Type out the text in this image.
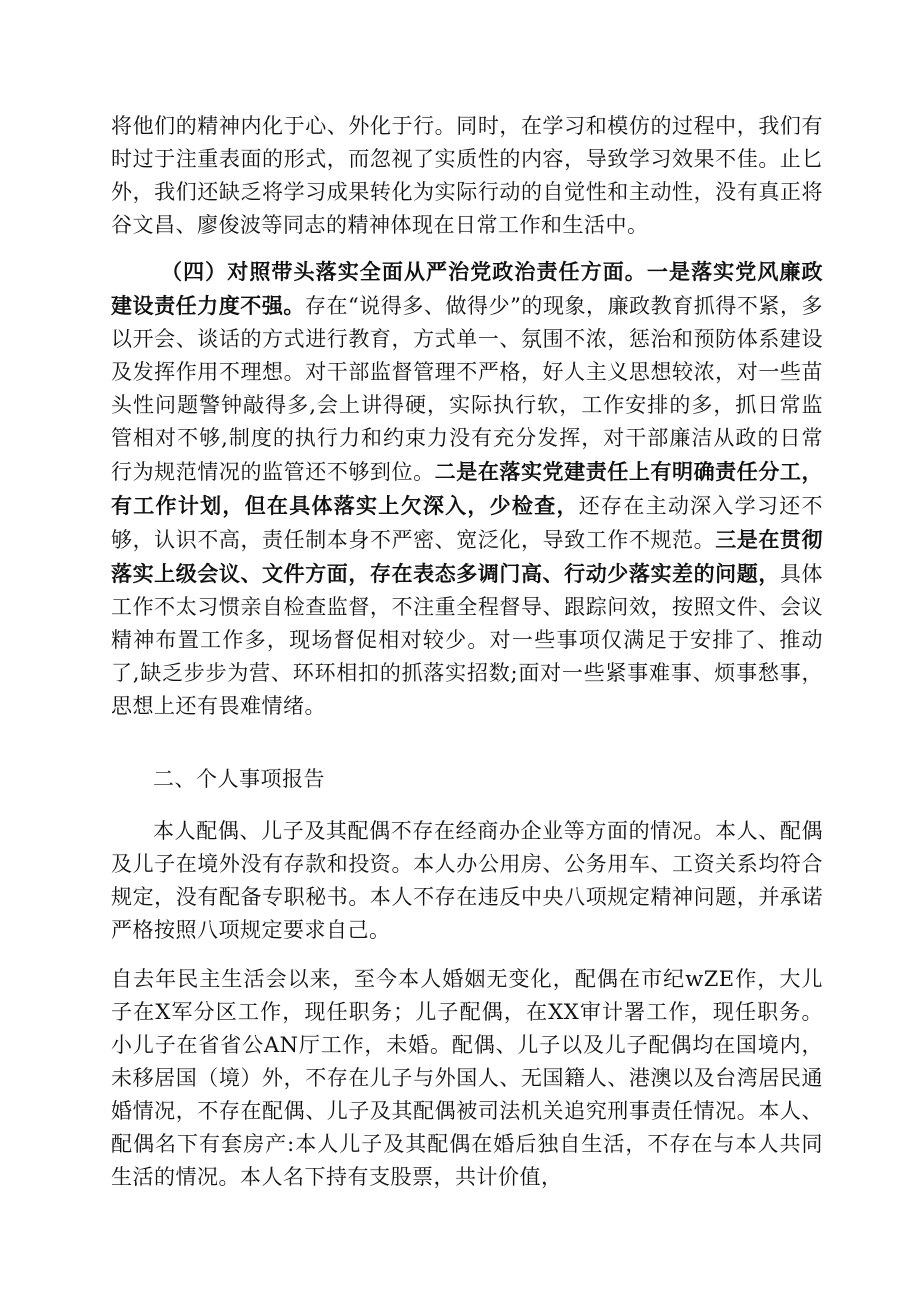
将他们的精神内化于心、外化于行。同时，在学习和模仿的过程中，我们有时过于注重表面的形式，而忽视了实质性的内容，导致学习效果不佳。止匕外，我们还缺乏将学习成果转化为实际行动的自觉性和主动性，没有真正将谷文昌、廖俊波等同志的精神体现在日常工作和生活中。

（四）对照带头落实全面从严治党政治责任方面。一是落实党风廉政建设责任力度不强。存在“说得多、做得少”的现象，廉政教育抓得不紧，多以开会、谈话的方式进行教育，方式单一、氛围不浓，惩治和预防体系建设及发挥作用不理想。对干部监督管理不严格，好人主义思想较浓，对一些苗头性问题警钟敲得多,会上讲得硬，实际执行软，工作安排的多，抓日常监管相对不够,制度的执行力和约束力没有充分发挥，对干部廉洁从政的日常行为规范情况的监管还不够到位。二是在落实党建责任上有明确责任分工，有工作计划，但在具体落实上欠深入，少检查，还存在主动深入学习还不够，认识不高，责任制本身不严密、宽泛化，导致工作不规范。三是在贯彻落实上级会议、文件方面，存在表态多调门高、行动少落实差的问题，具体工作不太习惯亲自检查监督，不注重全程督导、跟踪问效，按照文件、会议精神布置工作多，现场督促相对较少。对一些事项仅满足于安排了、推动了,缺乏步步为营、环环相扣的抓落实招数;面对一些紧事难事、烦事愁事，思想上还有畏难情绪。

二、个人事项报告

本人配偶、儿子及其配偶不存在经商办企业等方面的情况。本人、配偶及儿子在境外没有存款和投资。本人办公用房、公务用车、工资关系均符合规定，没有配备专职秘书。本人不存在违反中央八项规定精神问题，并承诺严格按照八项规定要求自己。

自去年民主生活会以来，至今本人婚姻无变化，配偶在市纪wZE作，大儿子在X军分区工作，现任职务；儿子配偶，在XX审计署工作，现任职务。小儿子在省省公AN厅工作，未婚。配偶、儿子以及儿子配偶均在国境内，未移居国（境）外，不存在儿子与外国人、无国籍人、港澳以及台湾居民通婚情况，不存在配偶、儿子及其配偶被司法机关追究刑事责任情况。本人、配偶名下有套房产:本人儿子及其配偶在婚后独自生活，不存在与本人共同生活的情况。本人名下持有支股票，共计价值，
